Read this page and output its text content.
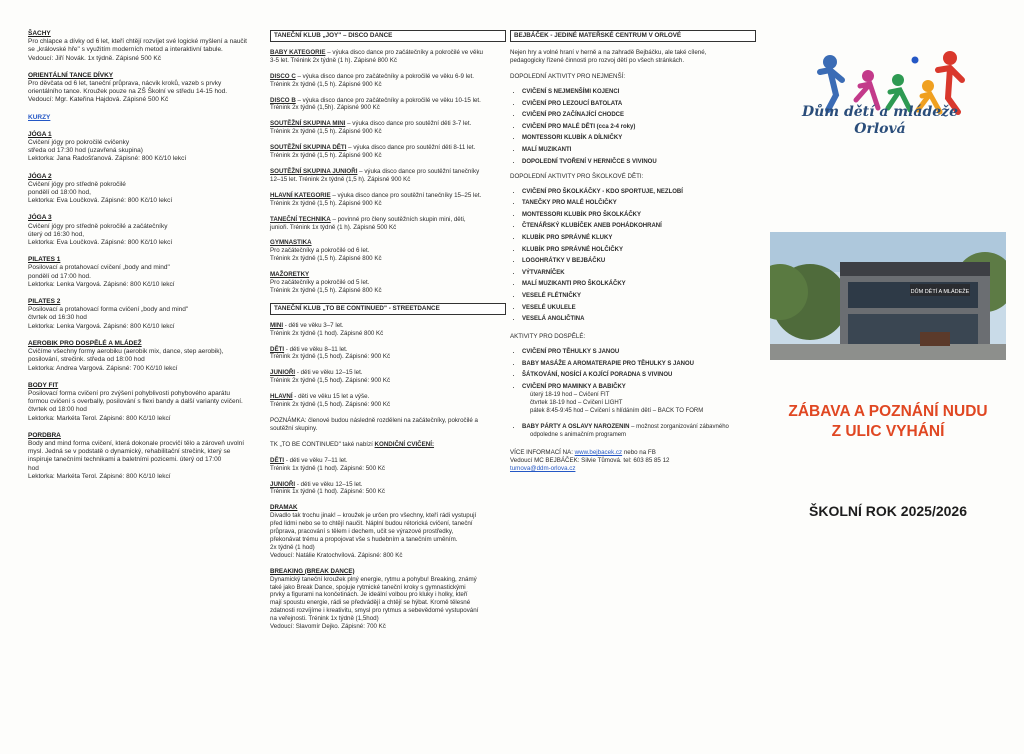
ŠACHY
Pro chlapce a dívky od 6 let, kteří chtějí rozvíjet své logické myšlení a naučit
se „královské hře" s využitím moderních metod a interaktivní tabule.
Vedoucí: Jiří Novák. 1x týdně. Zápisné 500 Kč
ORIENTÁLNÍ TANCE DÍVKY
Pro děvčata od 6 let, taneční průprava, nácvik kroků, vazeb s prvky
orientálního tance. Kroužek pouze na ZŠ Školní ve středu 14-15 hod.
Vedoucí: Mgr. Kateřina Hajdová. Zápisné 500 Kč
KURZY
JÓGA 1
Cvičení jógy pro pokročilé cvičenky
středa od 17:30 hod (uzavřená skupina)
Lektorka: Jana Radošťanová. Zápisné: 800 Kč/10 lekcí
JÓGA 2
Cvičení jógy pro středně pokročilé
pondělí od 18:00 hod,
Lektorka: Eva Loučková. Zápisné: 800 Kč/10 lekcí
JÓGA 3
Cvičení jógy pro středně pokročilé a začátečníky
úterý od 16:30 hod,
Lektorka: Eva Loučková. Zápisné: 800 Kč/10 lekcí
PILATES 1
Posilovací a protahovací cvičení „body and mind"
pondělí od 17:00 hod.
Lektorka: Lenka Vargová. Zápisné: 800 Kč/10 lekcí
PILATES 2
Posilovací a protahovací forma cvičení „body and mind"
čtvrtek od 16:30 hod
Lektorka: Lenka Vargová. Zápisné: 800 Kč/10 lekcí
AEROBIK PRO DOSPĚLÉ A MLÁDEŽ
Cvičíme všechny formy aerobiku (aerobik mix, dance, step aerobik),
posilování, strečink. středa od 18:00 hod
Lektorka: Andrea Vargová. Zápisné: 700 Kč/10 lekcí
BODY FIT
Posilovací forma cvičení pro zvýšení pohyblivosti pohybového aparátu
formou cvičení s overbally, posilování s flexi bandy a další varianty cvičení.
čtvrtek od 18:00 hod
Lektorka: Markéta Terol. Zápisné: 800 Kč/10 lekcí
PORDBRA
Body and mind forma cvičení, která dokonale procvičí tělo a zároveň uvolní
mysl. Jedná se v podstatě o dynamický, rehabilitační strečink, který se
inspiruje tanečními technikami a baletními pozicemi. úterý od 17:00
hod
Lektorka: Markéta Terol. Zápisné: 800 Kč/10 lekcí
TANEČNÍ KLUB „JOY" – DISCO DANCE
BABY KATEGORIE – výuka disco dance pro začátečníky a pokročilé ve věku
3-5 let. Trénink 2x týdně (1 h). Zápisné 800 Kč
DISCO C – výuka disco dance pro začátečníky a pokročilé ve věku 6-9 let.
Trénink 2x týdně (1,5 h). Zápisné 900 Kč
DISCO B – výuka disco dance pro začátečníky a pokročilé ve věku 10-15 let.
Trénink 2x týdně (1,5h). Zápisné 900 Kč
SOUTĚŽNÍ SKUPINA MINI – výuka disco dance pro soutěžní děti 3-7 let.
Trénink 2x týdně (1,5 h). Zápisné 900 Kč
SOUTĚŽNÍ SKUPINA DĚTI – výuka disco dance pro soutěžní děti 8-11 let.
Trénink 2x týdně (1,5 h). Zápisné 900 Kč
SOUTĚŽNÍ SKUPINA JUNIOŘI – výuka disco dance pro soutěžní tanečníky
12–15 let. Trénink 2x týdně (1,5 h). Zápisné 900 Kč
HLAVNÍ KATEGORIE – výuka disco dance pro soutěžní tanečníky 15–25 let.
Trénink 2x týdně (1,5 h). Zápisné 900 Kč
TANEČNÍ TECHNIKA – povinné pro členy soutěžních skupin mini, děti,
junioři. Trénink 1x týdně (1 h). Zápisné 500 Kč
GYMNASTIKA
Pro začátečníky a pokročilé od 6 let.
Trénink 2x týdně (1,5 h). Zápisné 800 Kč
MAŽORETKY
Pro začátečníky a pokročilé od 5 let.
Trénink 2x týdně (1,5 h). Zápisné 800 Kč
TANEČNÍ KLUB „TO BE CONTINUED" - STREETDANCE
MINI - děti ve věku 3–7 let.
Trénink 2x týdně (1 hod). Zápisné 800 Kč
DĚTI - děti ve věku 8–11 let.
Trénink 2x týdně (1,5 hod). Zápisné: 900 Kč
JUNIOŘI - děti ve věku 12–15 let.
Trénink 2x týdně (1,5 hod). Zápisné: 900 Kč
HLAVNÍ - děti ve věku 15 let a výše.
Trénink 2x týdně (1,5 hod). Zápisné: 900 Kč
POZNÁMKA: členové budou následně rozděleni na začátečníky, pokročilé a
soutěžní skupiny.
TK „TO BE CONTINUED" také nabízí KONDIČNÍ CVIČENÍ:
DĚTI - děti ve věku 7–11 let.
Trénink 1x týdně (1 hod). Zápisné: 500 Kč
JUNIOŘI - děti ve věku 12–15 let.
Trénink 1x týdně (1 hod). Zápisné: 500 Kč
DRAMAK
Divadlo tak trochu jinak! – kroužek je určen pro všechny, kteří rádi vystupují
před lidmi nebo se to chtějí naučit. Náplní budou rétorická cvičení, taneční
průprava, pracování s tělem i dechem, učit se výrazové prostředky,
překonávat trému a propojovat vše s hudebním a tanečním uměním.
2x týdně (1 hod)
Vedoucí: Natálie Kratochvílová. Zápisné: 800 Kč
BREAKING (BREAK DANCE)
Dynamický taneční kroužek plný energie, rytmu a pohybu! Breaking, známý
také jako Break Dance, spojuje rytmické taneční kroky s gymnastickými
prvky a figurami na končetinách. Je ideální volbou pro kluky i holky, kteří
mají spoustu energie, rádi se předvádějí a chtějí se hýbat. Kromě tělesné
zdatnosti rozvíjíme i kreativitu, smysl pro rytmus a sebevědomé vystupování
na veřejnosti. Trénink 1x týdně (1,5hod)
Vedoucí: Slavomír Dejko. Zápisné: 700 Kč
BEJBÁČEK - JEDINÉ MATEŘSKÉ CENTRUM V ORLOVÉ
Nejen hry a volné hraní v herně a na zahradě Bejbáčku, ale také cílené,
pedagogicky řízené činnosti pro rozvoj dětí po všech stránkách.
DOPOLEDNÍ AKTIVITY PRO NEJMENŠÍ:
• CVIČENÍ S NEJMENŠÍMI KOJENCI
• CVIČENÍ PRO LEZOUCÍ BATOLATA
• CVIČENÍ PRO ZAČÍNAJÍCÍ CHODCE
• CVIČENÍ PRO MALÉ DĚTI (cca 2-4 roky)
• MONTESSORI KLUBÍK A DÍLNIČKY
• MALÍ MUZIKANTI
• DOPOLEDNÍ TVOŘENÍ V HERNIČCE S VIVINOU
DOPOLEDNÍ AKTIVITY PRO ŠKOLKOVÉ DĚTI:
• CVIČENÍ PRO ŠKOLKÁČKY - KDO SPORTUJE, NEZLOBÍ
• TANEČKY PRO MALÉ HOLČIČKY
• MONTESSORI KLUBÍK PRO ŠKOLKÁČKY
• ČTENÁŘSKÝ KLUBÍČEK ANEB POHÁDKOHRANÍ
• KLUBÍK PRO SPRÁVNÉ KLUKY
• KLUBÍK PRO SPRÁVNÉ HOLČIČKY
• LOGOHRÁTKY V BEJBÁČKU
• VÝTVARNÍČEK
• MALÍ MUZIKANTI PRO ŠKOLKÁČKY
• VESELÉ FLÉTNIČKY
• VESELÉ UKULELE
• VESELÁ ANGLIČTINA
AKTIVITY PRO DOSPĚLÉ:
• CVIČENÍ PRO TĚHULKY S JANOU
• BABY MASÁŽE A AROMATERAPIE PRO TĚHULKY S JANOU
• ŠÁTKOVÁNÍ, NOSÍCÍ A KOJÍCÍ PORADNA S VIVINOU
• CVIČENÍ PRO MAMINKY A BABIČKY
úterý 18-19 hod – Cvičení FIT
čtvrtek 18-19 hod – Cvičení LIGHT
pátek 8:45-9:45 hod – Cvičení s hlídáním dětí – BACK TO FORM
• BABY PÁRTY A OSLAVY NAROZENIN – možnost zorganizování zábavného
odpoledne s animačním programem
VÍCE INFORMACÍ NA: www.bejbacek.cz nebo na FB
Vedoucí MC BEJBÁČEK: Silvie Tůmová. tel: 603 85 85 12
tumova@ddm-orlova.cz
Dům dětí a mládeže
Orlová
DŮM DĚTÍ A MLÁDEŽE
ZÁBAVA A POZNÁNÍ NUDU
Z ULIC VYHÁNÍ
ŠKOLNÍ ROK 2025/2026
